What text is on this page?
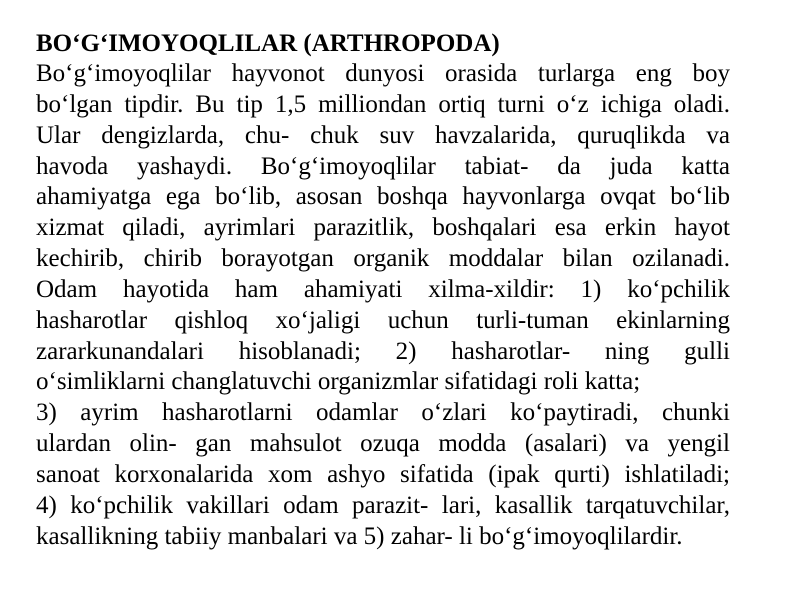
BO‘G‘IMOYOQLILAR (ARTHROPODA)
Bo‘g‘imoyoqlilar hayvonot dunyosi orasida turlarga eng boy
bo‘lgan tipdir. Bu tip 1,5 milliondan ortiq turni o‘z ichiga oladi.
Ular dengizlarda, chu- chuk suv havzalarida, quruqlikda va
havoda yashaydi. Bo‘g‘imoyoqlilar tabiat- da juda katta
ahamiyatga ega bo‘lib, asosan boshqa hayvonlarga ovqat bo‘lib
xizmat qiladi, ayrimlari parazitlik, boshqalari esa erkin hayot
kechirib, chirib borayotgan organik moddalar bilan ozilanadi.
Odam hayotida ham ahamiyati xilma-xildir: 1) ko‘pchilik
hasharotlar qishloq xo‘jaligi uchun turli-tuman ekinlarning
zararkunandalari hisoblanadi; 2) hasharotlar- ning gulli
o‘simliklarni changlatuvchi organizmlar sifatidagi roli katta;
3) ayrim hasharotlarni odamlar o‘zlari ko‘paytiradi, chunki
ulardan olin- gan mahsulot ozuqa modda (asalari) va yengil
sanoat korxonalarida xom ashyo sifatida (ipak qurti) ishlatiladi;
4) ko‘pchilik vakillari odam parazit- lari, kasallik tarqatuvchilar,
kasallikning tabiiy manbalari va 5) zahar- li bo‘g‘imoyoqlilardir.
